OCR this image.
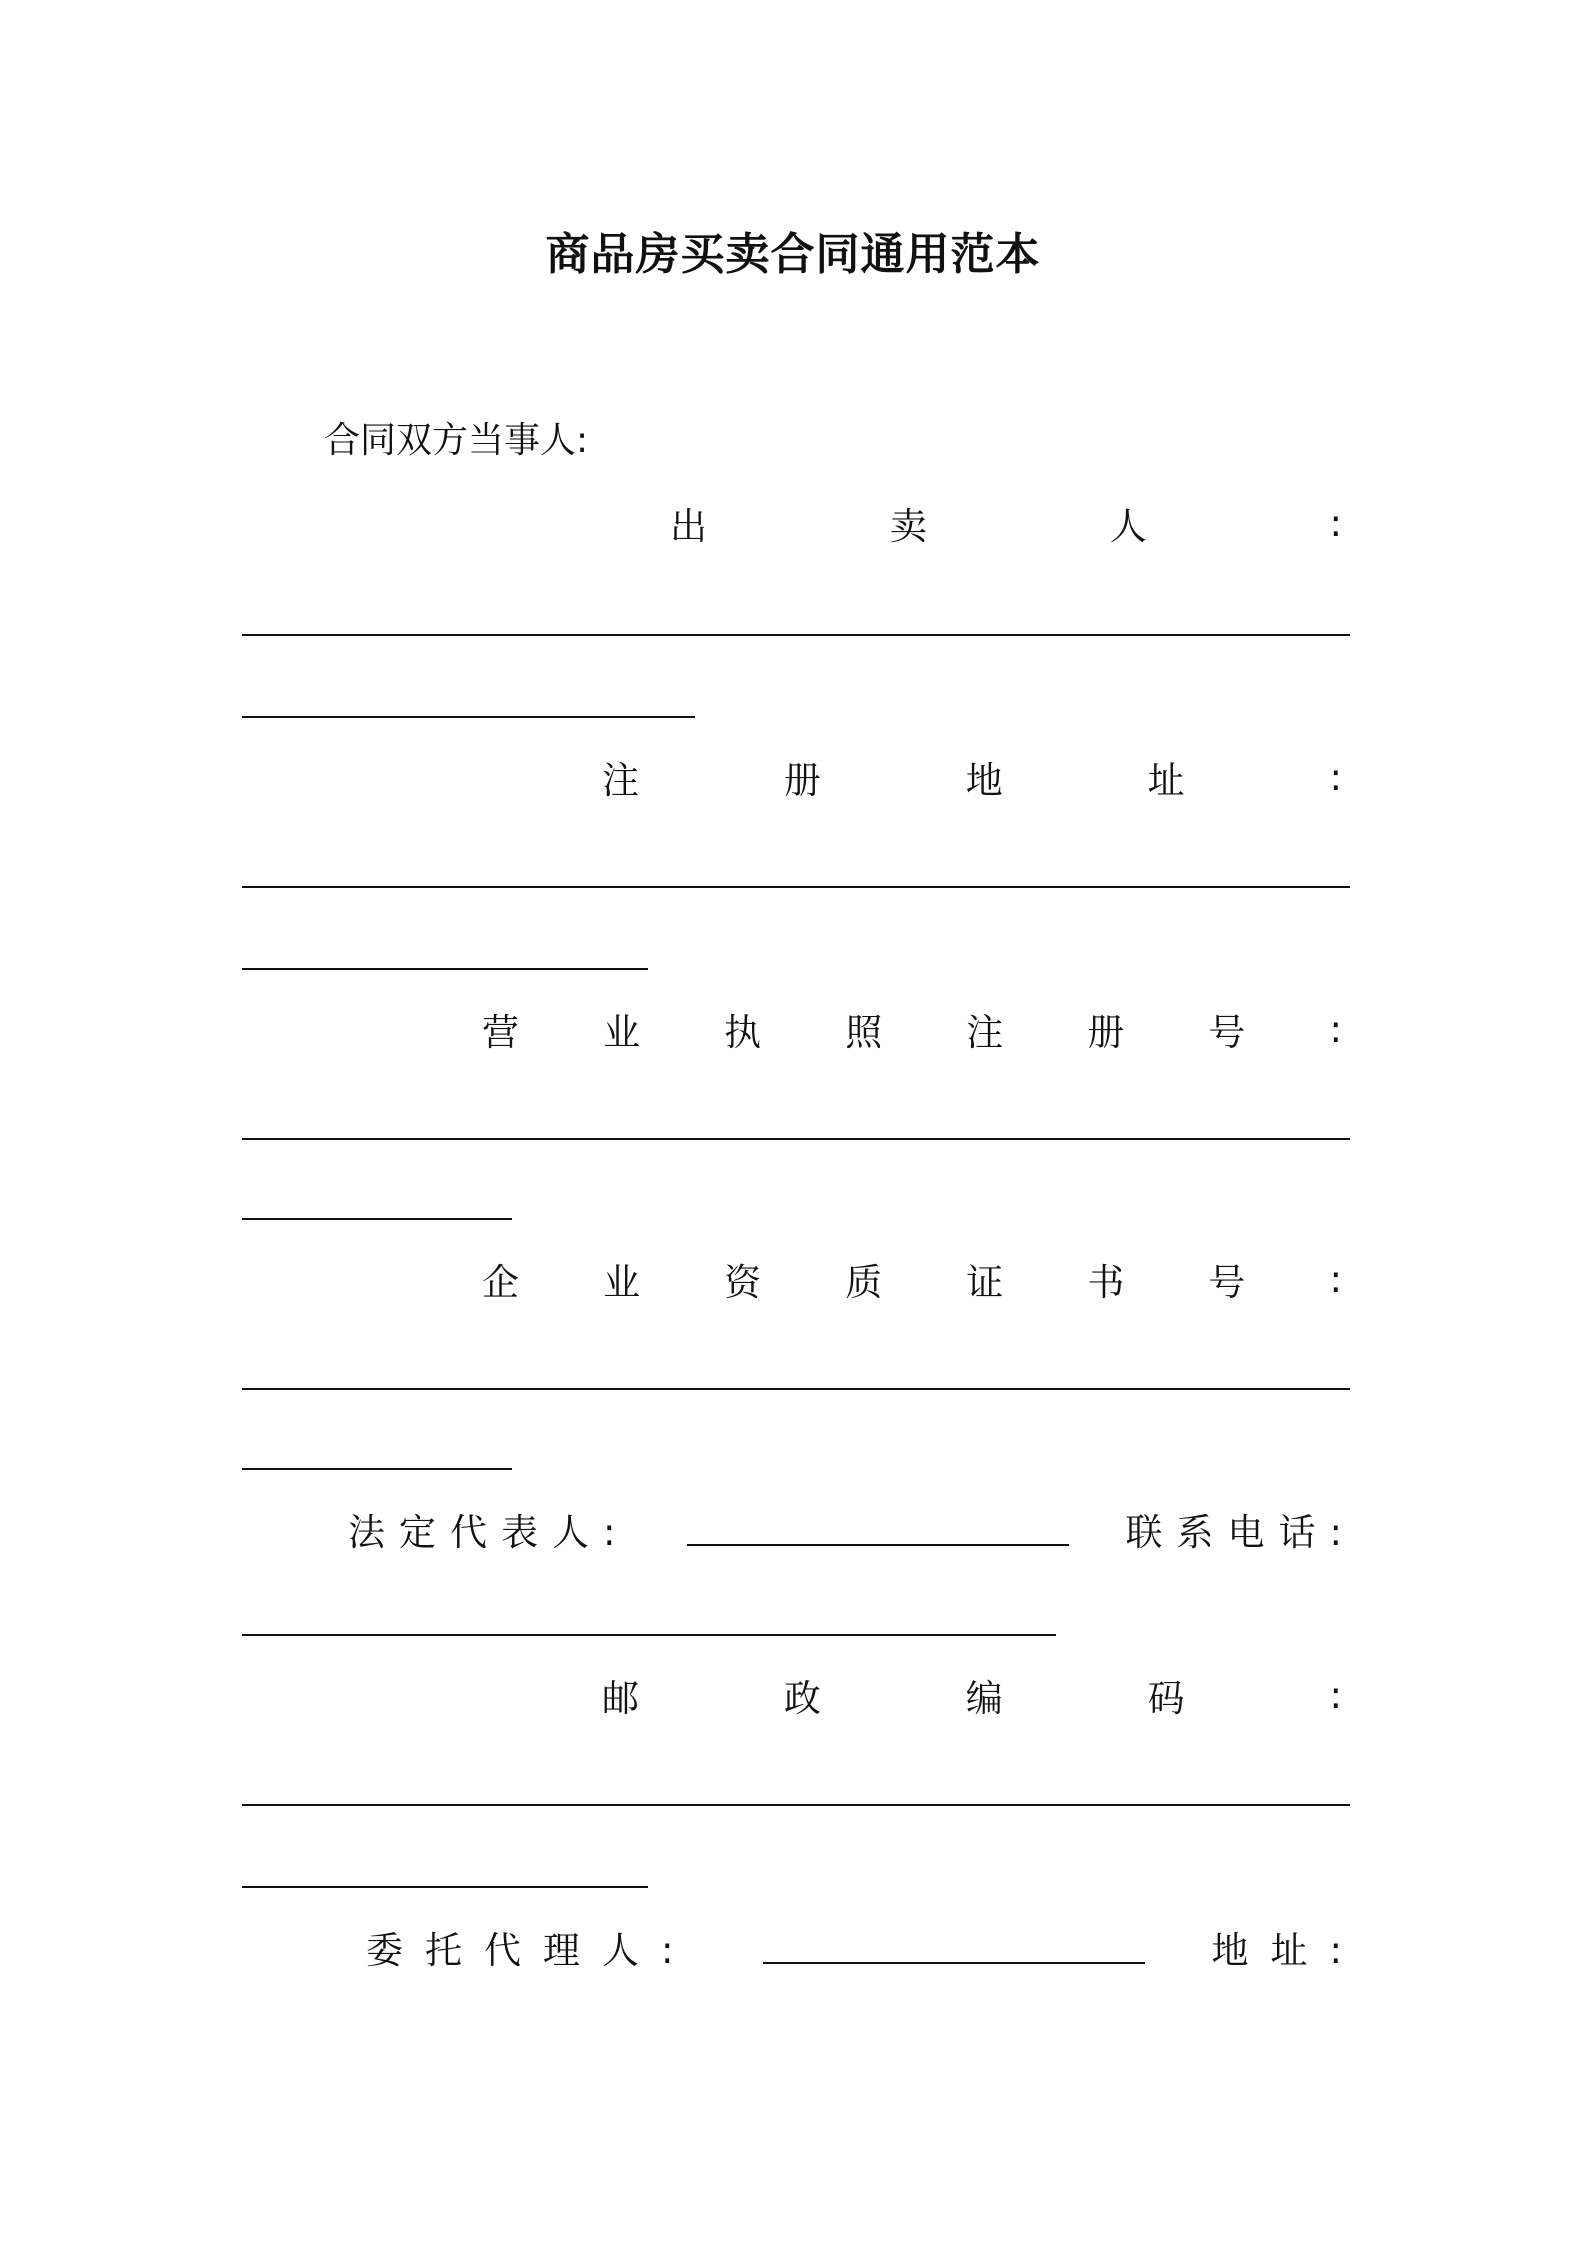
商品房买卖合同通用范本
合同双方当事人:
出	卖	人	:
注	册	地	址	:
营 业 执 照 注 册 号 :
企 业 资 质 证 书 号 :
法定代表人:	联系电话:
邮	政	编	码	:
委托代理人:	地址:
